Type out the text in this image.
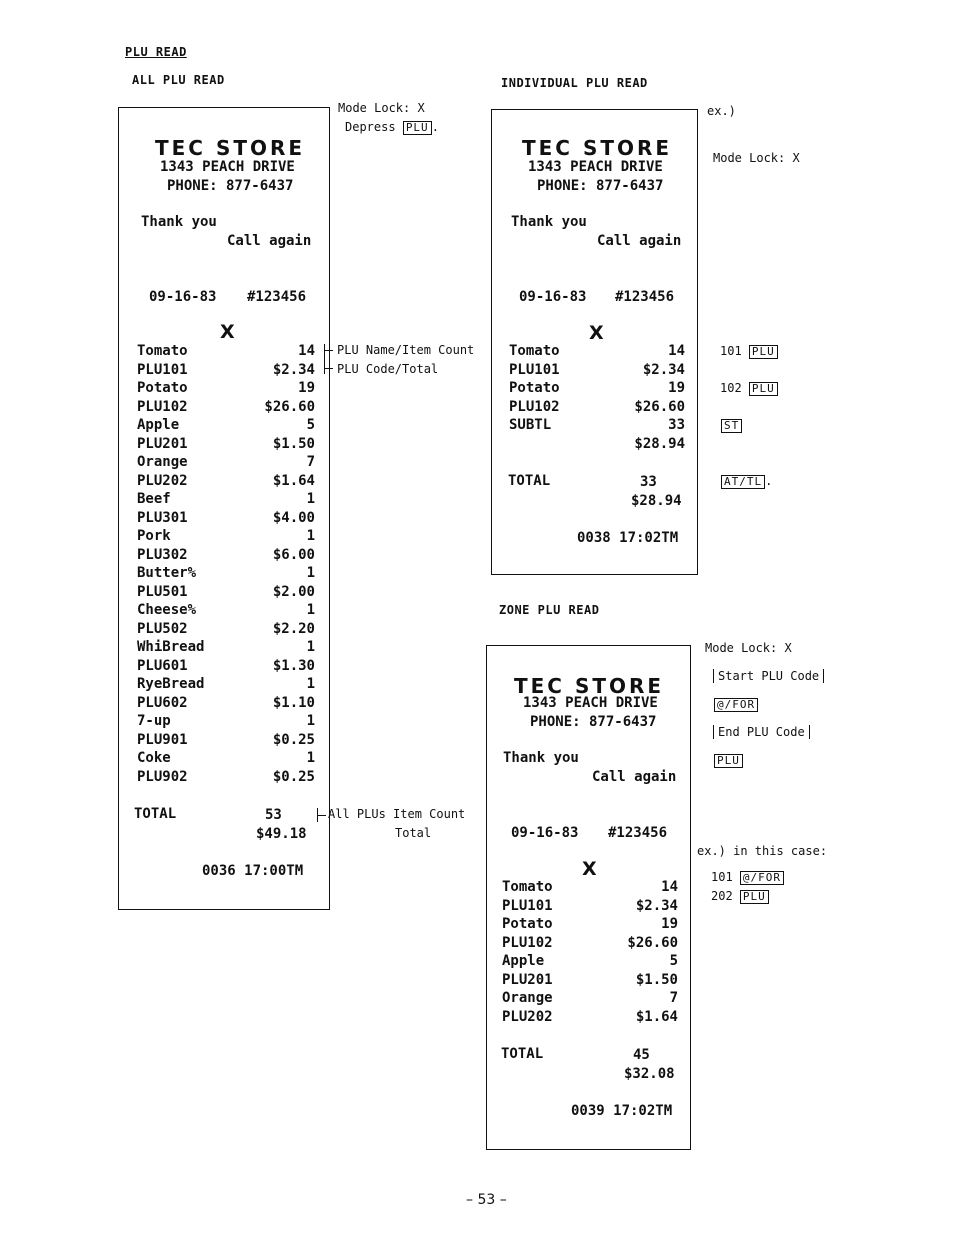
PLU READ
ALL PLU READ	INDIVIDUAL PLU READ
ZONE PLU READ
TEC STORE
1343 PEACH DRIVE
PHONE: 877-6437
Thank you
Call again
09-16-83 #123456
X
Tomato	14
PLU101	$2.34
Potato	19
PLU102	$26.60
Apple	5
PLU201	$1.50
Orange	7
PLU202	$1.64
Beef	1
PLU301	$4.00
Pork	1
PLU302	$6.00
Butter%	1
PLU501	$2.00
Cheese%	1
PLU502	$2.20
WhiBread	1
PLU601	$1.30
RyeBread	1
PLU602	$1.10
7-up	1
PLU901	$0.25
Coke	1
PLU902	$0.25
TOTAL	53
$49.18
0036 17:00TM
Mode Lock: X
Depress PLU .
PLU Name/Item Count
PLU Code/Total
All PLUs Item Count
Total
TEC STORE
1343 PEACH DRIVE
PHONE: 877-6437
Thank you
Call again
09-16-83 #123456
X
Tomato	14
PLU101	$2.34
Potato	19
PLU102	$26.60
SUBTL	33
$28.94
TOTAL	33
$28.94
0038 17:02TM
ex.)
Mode Lock: X
101 PLU
102 PLU
ST
AT/TL .
TEC STORE
1343 PEACH DRIVE
PHONE: 877-6437
Thank you
Call again
09-16-83 #123456
X
Tomato	14
PLU101	$2.34
Potato	19
PLU102	$26.60
Apple	5
PLU201	$1.50
Orange	7
PLU202	$1.64
TOTAL	45
$32.08
0039 17:02TM
Mode Lock: X
Start PLU Code
@/FOR
End PLU Code
PLU
ex.) in this case:
101 @/FOR
202 PLU
– 53 –
